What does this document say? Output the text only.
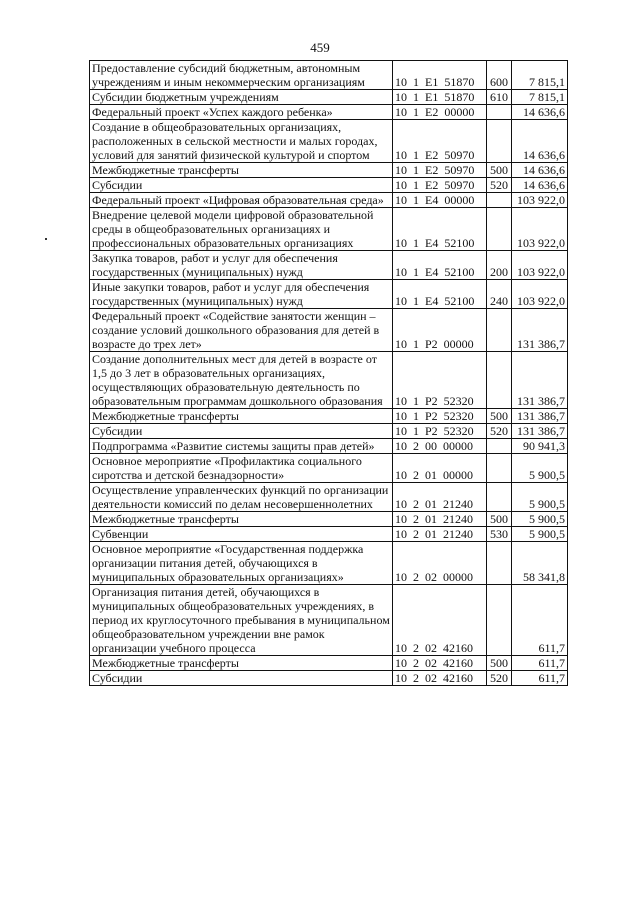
459
Предоставление субсидий бюджетным, автономным учреждениям и иным некоммерческим организациям	10  1  Е1  51870	600	7 815,1
Субсидии бюджетным учреждениям	10  1  Е1  51870	610	7 815,1
Федеральный проект «Успех каждого ребенка»	10  1  Е2  00000		14 636,6
Создание в общеобразовательных организациях, расположенных в сельской местности и малых городах, условий для занятий физической культурой и спортом	10  1  Е2  50970		14 636,6
Межбюджетные трансферты	10  1  Е2  50970	500	14 636,6
Субсидии	10  1  Е2  50970	520	14 636,6
Федеральный проект «Цифровая образовательная среда»	10  1  Е4  00000		103 922,0
Внедрение целевой модели цифровой образовательной среды в общеобразовательных организациях и профессиональных образовательных организациях	10  1  Е4  52100		103 922,0
Закупка товаров, работ и услуг для обеспечения государственных (муниципальных) нужд	10  1  Е4  52100	200	103 922,0
Иные закупки товаров, работ и услуг для обеспечения государственных (муниципальных) нужд	10  1  Е4  52100	240	103 922,0
Федеральный проект «Содействие занятости женщин – создание условий дошкольного образования для детей в возрасте до трех лет»	10  1  Р2  00000		131 386,7
Создание дополнительных мест для детей в возрасте от 1,5 до 3 лет в образовательных организациях, осуществляющих образовательную деятельность по образовательным программам дошкольного образования	10  1  Р2  52320		131 386,7
Межбюджетные трансферты	10  1  Р2  52320	500	131 386,7
Субсидии	10  1  Р2  52320	520	131 386,7
Подпрограмма «Развитие системы защиты прав детей»	10  2  00  00000		90 941,3
Основное мероприятие «Профилактика социального сиротства и детской безнадзорности»	10  2  01  00000		5 900,5
Осуществление управленческих функций по организации деятельности комиссий по делам несовершеннолетних	10  2  01  21240		5 900,5
Межбюджетные трансферты	10  2  01  21240	500	5 900,5
Субвенции	10  2  01  21240	530	5 900,5
Основное мероприятие «Государственная поддержка организации питания детей, обучающихся в муниципальных образовательных организациях»	10  2  02  00000		58 341,8
Организация питания детей, обучающихся в муниципальных общеобразовательных учреждениях, в период их круглосуточного пребывания в муниципальном общеобразовательном учреждении вне рамок организации учебного процесса	10  2  02  42160		611,7
Межбюджетные трансферты	10  2  02  42160	500	611,7
Субсидии	10  2  02  42160	520	611,7
